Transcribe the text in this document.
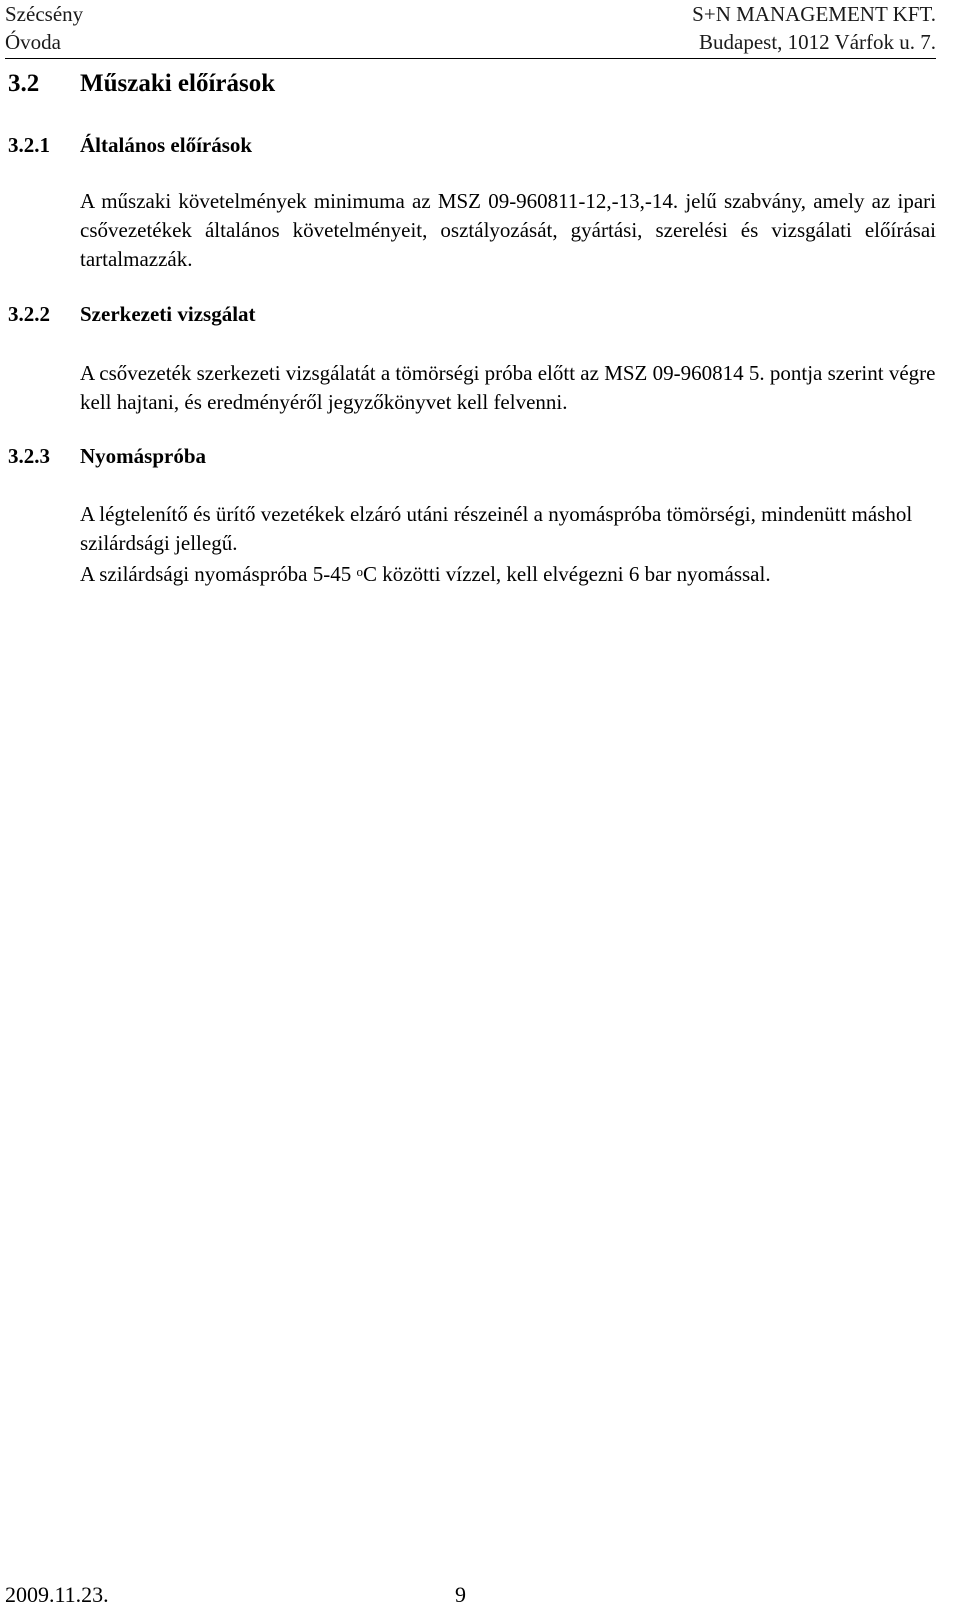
Szécsény
Óvoda
S+N MANAGEMENT KFT.
Budapest, 1012 Várfok u. 7.
3.2 Műszaki előírások
3.2.1 Általános előírások
A műszaki követelmények minimuma az MSZ 09-960811-12,-13,-14. jelű szabvány, amely az ipari csővezetékek általános követelményeit, osztályozását, gyártási, szerelési és vizsgálati előírásai tartalmazzák.
3.2.2 Szerkezeti vizsgálat
A csővezeték szerkezeti vizsgálatát a tömörségi próba előtt az MSZ 09-960814 5. pontja szerint végre kell hajtani, és eredményéről jegyzőkönyvet kell felvenni.
3.2.3 Nyomáspróba
A légtelenítő és ürítő vezetékek elzáró utáni részeinél a nyomáspróba tömörségi, mindenütt máshol szilárdsági jellegű.
A szilárdsági nyomáspróba 5-45 $^o$C közötti vízzel, kell elvégezni 6 bar nyomással.
2009.11.23.	9
